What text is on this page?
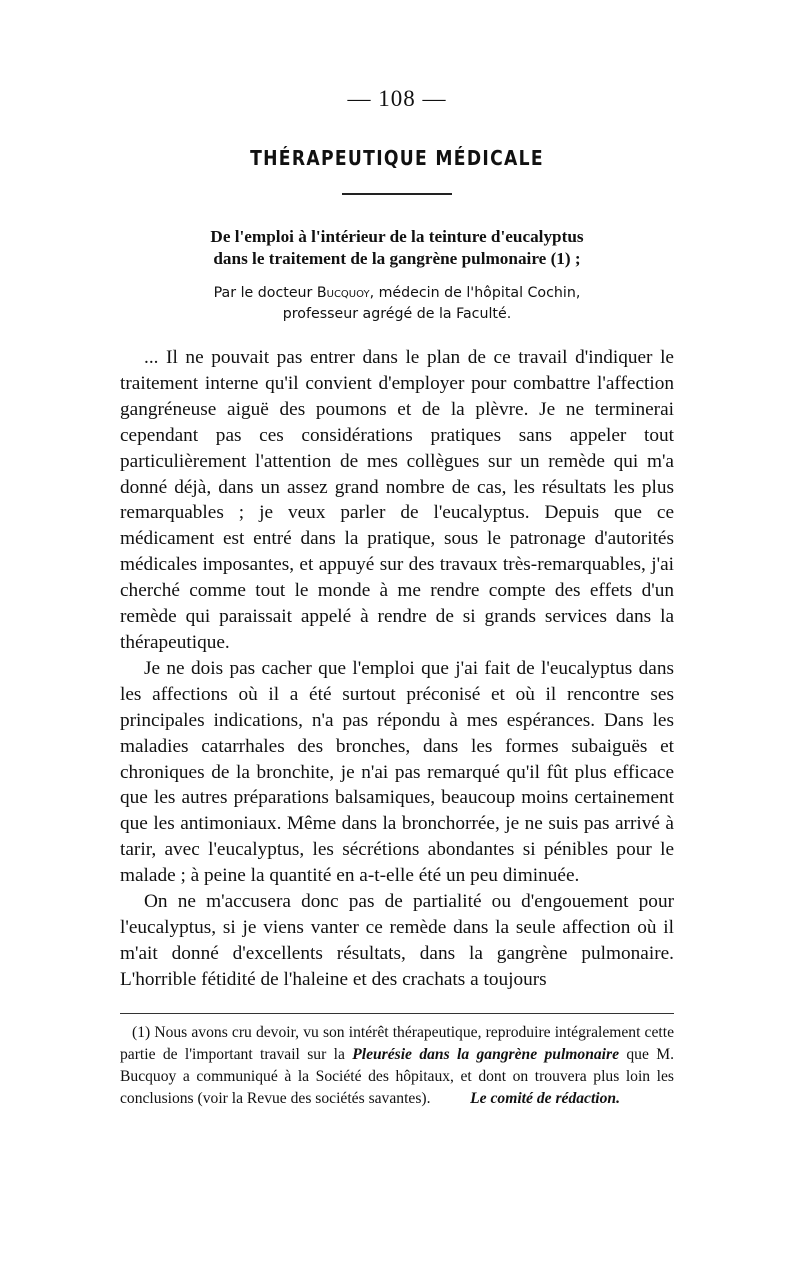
— 108 —
THÉRAPEUTIQUE MÉDICALE
De l'emploi à l'intérieur de la teinture d'eucalyptus
dans le traitement de la gangrène pulmonaire (1) ;
Par le docteur Bucquoy, médecin de l'hôpital Cochin,
professeur agrégé de la Faculté.

... Il ne pouvait pas entrer dans le plan de ce travail d'indiquer le traitement interne qu'il convient d'employer pour combattre l'affection gangréneuse aiguë des poumons et de la plèvre. Je ne terminerai cependant pas ces considérations pratiques sans appeler tout particulièrement l'attention de mes collègues sur un remède qui m'a donné déjà, dans un assez grand nombre de cas, les résultats les plus remarquables ; je veux parler de l'eucalyptus. Depuis que ce médicament est entré dans la pratique, sous le patronage d'autorités médicales imposantes, et appuyé sur des travaux très-remarquables, j'ai cherché comme tout le monde à me rendre compte des effets d'un remède qui paraissait appelé à rendre de si grands services dans la thérapeutique.

Je ne dois pas cacher que l'emploi que j'ai fait de l'eucalyptus dans les affections où il a été surtout préconisé et où il rencontre ses principales indications, n'a pas répondu à mes espérances. Dans les maladies catarrhales des bronches, dans les formes subaiguës et chroniques de la bronchite, je n'ai pas remarqué qu'il fût plus efficace que les autres préparations balsamiques, beaucoup moins certainement que les antimoniaux. Même dans la bronchorrée, je ne suis pas arrivé à tarir, avec l'eucalyptus, les sécrétions abondantes si pénibles pour le malade ; à peine la quantité en a-t-elle été un peu diminuée.

On ne m'accusera donc pas de partialité ou d'engouement pour l'eucalyptus, si je viens vanter ce remède dans la seule affection où il m'ait donné d'excellents résultats, dans la gangrène pulmonaire. L'horrible fétidité de l'haleine et des crachats a toujours

(1) Nous avons cru devoir, vu son intérêt thérapeutique, reproduire intégralement cette partie de l'important travail sur la Pleurésie dans la gangrène pulmonaire que M. Bucquoy a communiqué à la Société des hôpitaux, et dont on trouvera plus loin les conclusions (voir la Revue des sociétés savantes).	Le comité de rédaction.
